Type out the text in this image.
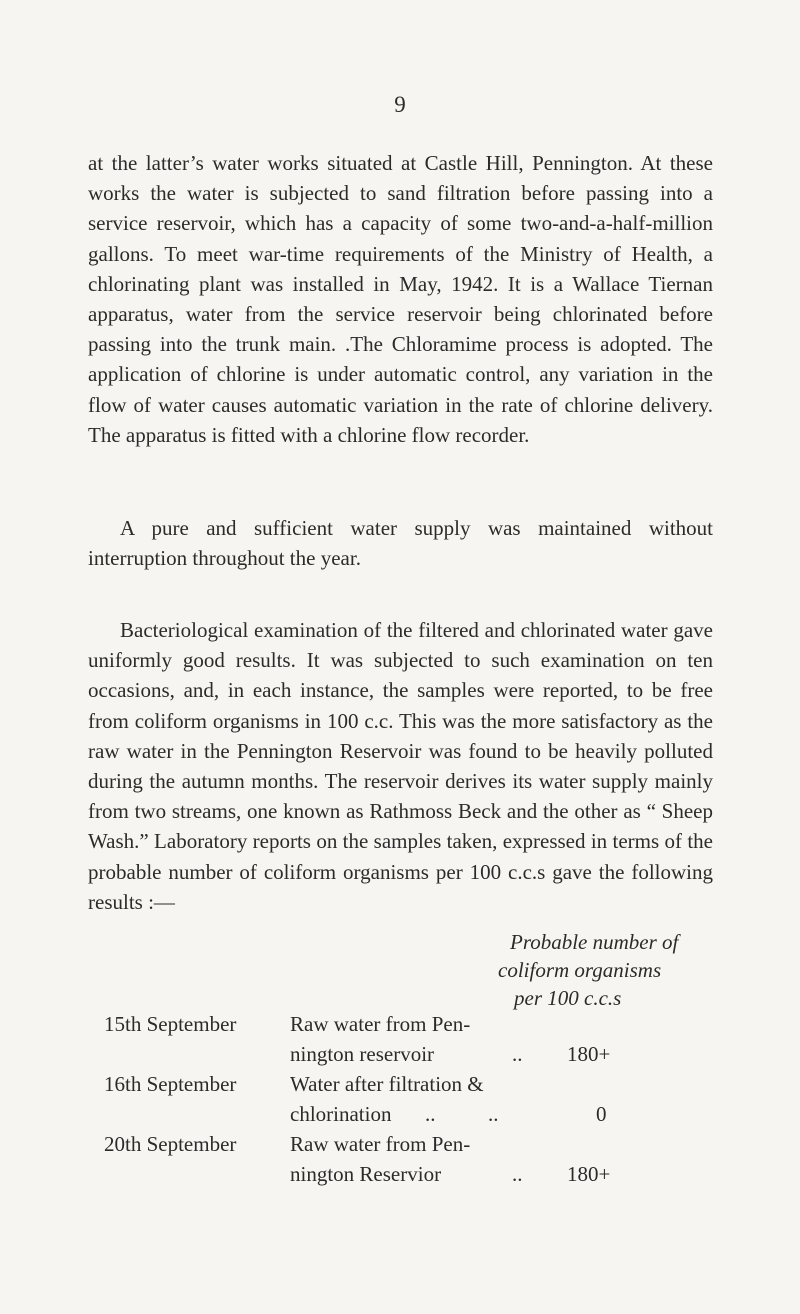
9

at the latter’s water works situated at Castle Hill, Pennington. At these works the water is subjected to sand filtration before passing into a service reservoir, which has a capacity of some two-and-a-half-million gallons. To meet war-time requirements of the Ministry of Health, a chlorinating plant was installed in May, 1942. It is a Wallace Tiernan apparatus, water from the service reservoir being chlorinated before passing into the trunk main. .The Chloramime process is adopted. The application of chlorine is under automatic control, any variation in the flow of water causes automatic variation in the rate of chlorine delivery. The apparatus is fitted with a chlorine flow recorder.

A pure and sufficient water supply was maintained without interruption throughout the year.

Bacteriological examination of the filtered and chlorinated water gave uniformly good results. It was subjected to such examination on ten occasions, and, in each instance, the samples were reported, to be free from coliform organisms in 100 c.c. This was the more satisfactory as the raw water in the Pennington Reservoir was found to be heavily polluted during the autumn months. The reservoir derives its water supply mainly from two streams, one known as Rathmoss Beck and the other as “ Sheep Wash.” Laboratory reports on the samples taken, expressed in terms of the probable number of coliform organisms per 100 c.c.s gave the following results :—

Probable number of
coliform organisms
per 100 c.c.s
15th September	Raw water from Pen-
nington reservoir	.. 180+
16th September	Water after filtration &
chlorination ..          ..	0
20th September	Raw water from Pen-
nington Reservior	.. 180+
